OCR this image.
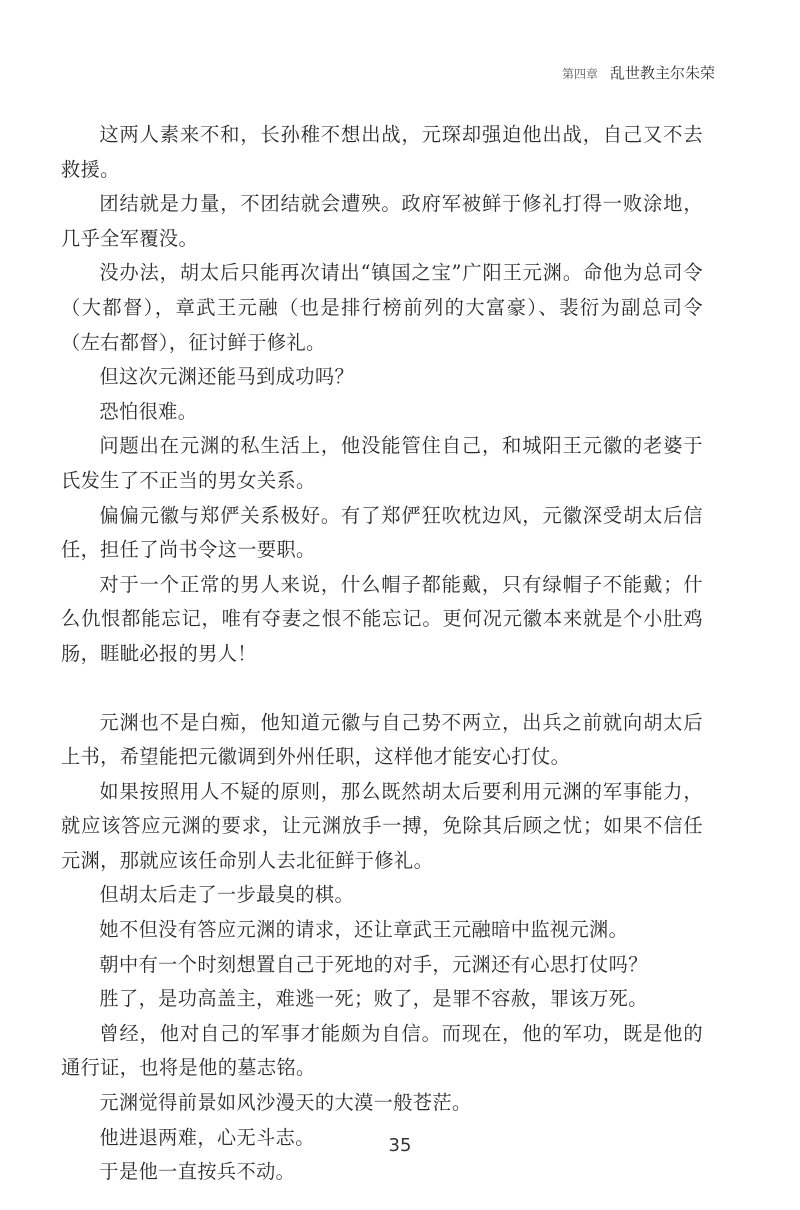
第四章 乱世教主尔朱荣

这两人素来不和，长孙稚不想出战，元琛却强迫他出战，自己又不去救援。

团结就是力量，不团结就会遭殃。政府军被鲜于修礼打得一败涂地，几乎全军覆没。

没办法，胡太后只能再次请出“镇国之宝”广阳王元渊。命他为总司令（大都督），章武王元融（也是排行榜前列的大富豪）、裴衍为副总司令（左右都督），征讨鲜于修礼。

但这次元渊还能马到成功吗？

恐怕很难。

问题出在元渊的私生活上，他没能管住自己，和城阳王元徽的老婆于氏发生了不正当的男女关系。

偏偏元徽与郑俨关系极好。有了郑俨狂吹枕边风，元徽深受胡太后信任，担任了尚书令这一要职。

对于一个正常的男人来说，什么帽子都能戴，只有绿帽子不能戴；什么仇恨都能忘记，唯有夺妻之恨不能忘记。更何况元徽本来就是个小肚鸡肠，睚眦必报的男人！

元渊也不是白痴，他知道元徽与自己势不两立，出兵之前就向胡太后上书，希望能把元徽调到外州任职，这样他才能安心打仗。

如果按照用人不疑的原则，那么既然胡太后要利用元渊的军事能力，就应该答应元渊的要求，让元渊放手一搏，免除其后顾之忧；如果不信任元渊，那就应该任命别人去北征鲜于修礼。

但胡太后走了一步最臭的棋。

她不但没有答应元渊的请求，还让章武王元融暗中监视元渊。

朝中有一个时刻想置自己于死地的对手，元渊还有心思打仗吗？

胜了，是功高盖主，难逃一死；败了，是罪不容赦，罪该万死。

曾经，他对自己的军事才能颇为自信。而现在，他的军功，既是他的通行证，也将是他的墓志铭。

元渊觉得前景如风沙漫天的大漠一般苍茫。

他进退两难，心无斗志。

于是他一直按兵不动。

35
